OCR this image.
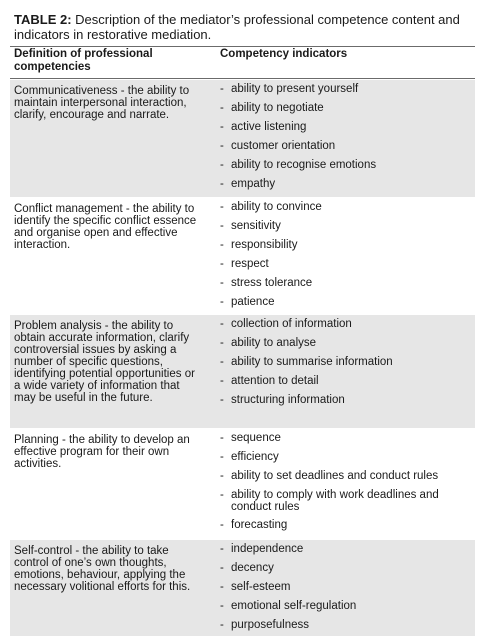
TABLE 2: Description of the mediator’s professional competence content and indicators in restorative mediation.
Definition of professional competencies
Competency indicators
Communicativeness - the ability to maintain interpersonal interaction, clarify, encourage and narrate.
- ability to present yourself
- ability to negotiate
- active listening
- customer orientation
- ability to recognise emotions
- empathy
Conflict management - the ability to identify the specific conflict essence and organise open and effective interaction.
- ability to convince
- sensitivity
- responsibility
- respect
- stress tolerance
- patience
Problem analysis - the ability to obtain accurate information, clarify controversial issues by asking a number of specific questions, identifying potential opportunities or a wide variety of information that may be useful in the future.
- collection of information
- ability to analyse
- ability to summarise information
- attention to detail
- structuring information
Planning - the ability to develop an effective program for their own activities.
- sequence
- efficiency
- ability to set deadlines and conduct rules
- ability to comply with work deadlines and conduct rules
- forecasting
Self-control - the ability to take control of one’s own thoughts, emotions, behaviour, applying the necessary volitional efforts for this.
- independence
- decency
- self-esteem
- emotional self-regulation
- purposefulness
